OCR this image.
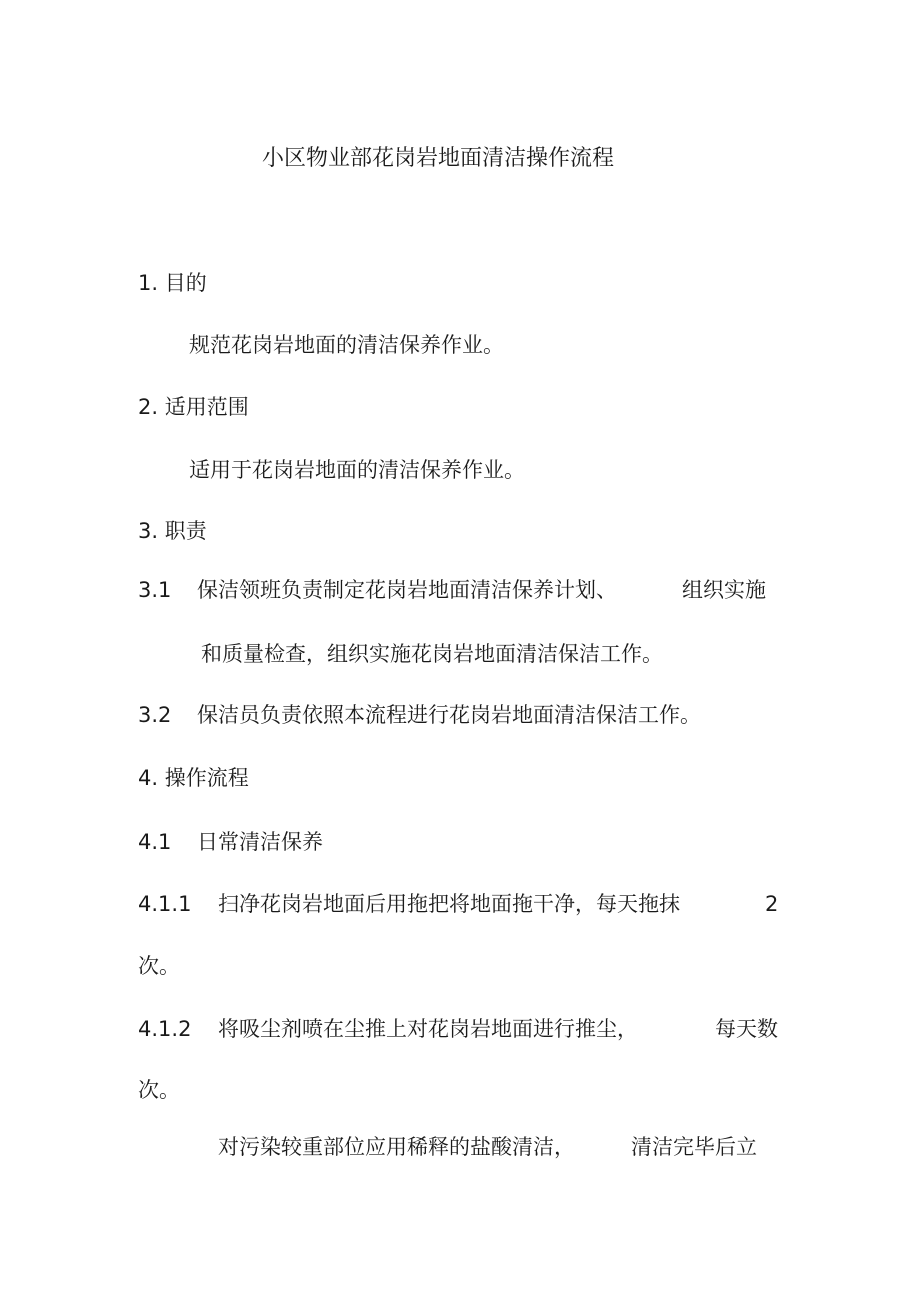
小区物业部花岗岩地面清洁操作流程
1. 目的
规范花岗岩地面的清洁保养作业。
2. 适用范围
适用于花岗岩地面的清洁保养作业。
3. 职责
3.1 保洁领班负责制定花岗岩地面清洁保养计划、	组织实施
和质量检查，组织实施花岗岩地面清洁保洁工作。
3.2 保洁员负责依照本流程进行花岗岩地面清洁保洁工作。
4. 操作流程
4.1 日常清洁保养
4.1.1 扫净花岗岩地面后用拖把将地面拖干净，每天拖抹	2
次。
4.1.2 将吸尘剂喷在尘推上对花岗岩地面进行推尘，	每天数
次。
对污染较重部位应用稀释的盐酸清洁，	清洁完毕后立
